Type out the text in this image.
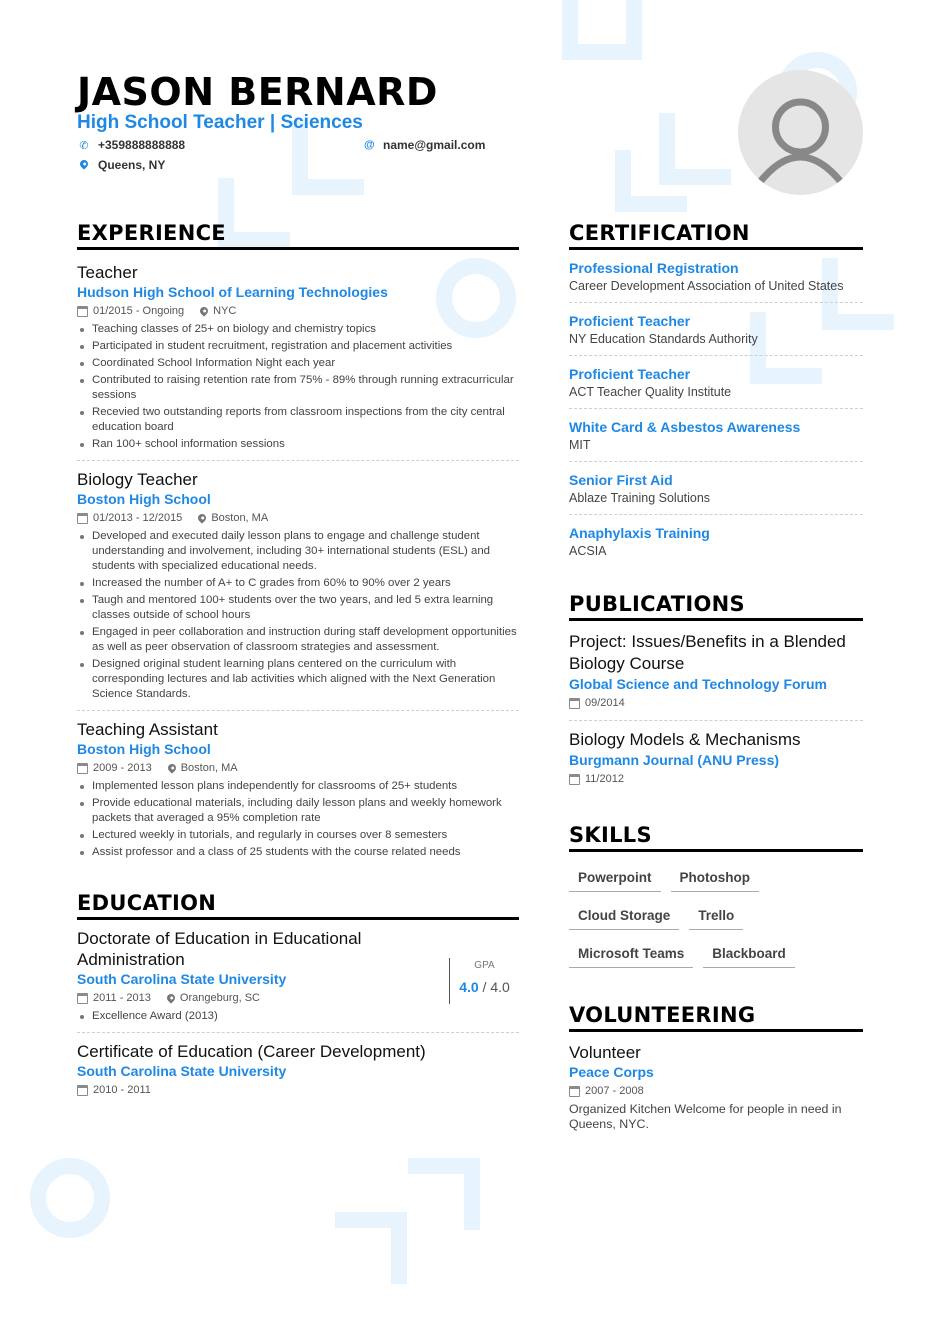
JASON BERNARD
High School Teacher | Sciences
✆ +359888888888	@ name@gmail.com
Queens, NY
EXPERIENCE
Teacher
Hudson High School of Learning Technologies
01/2015 - Ongoing	NYC
Teaching classes of 25+ on biology and chemistry topics
Participated in student recruitment, registration and placement activities
Coordinated School Information Night each year
Contributed to raising retention rate from 75% - 89% through running extracurricular sessions
Recevied two outstanding reports from classroom inspections from the city central education board
Ran 100+ school information sessions
Biology Teacher
Boston High School
01/2013 - 12/2015	Boston, MA
Developed and executed daily lesson plans to engage and challenge student understanding and involvement, including 30+ international students (ESL) and students with specialized educational needs.
Increased the number of A+ to C grades from 60% to 90% over 2 years
Taugh and mentored 100+ students over the two years, and led 5 extra learning classes outside of school hours
Engaged in peer collaboration and instruction during staff development opportunities as well as peer observation of classroom strategies and assessment.
Designed original student learning plans centered on the curriculum with corresponding lectures and lab activities which aligned with the Next Generation Science Standards.
Teaching Assistant
Boston High School
2009 - 2013	Boston, MA
Implemented lesson plans independently for classrooms of 25+ students
Provide educational materials, including daily lesson plans and weekly homework packets that averaged a 95% completion rate
Lectured weekly in tutorials, and regularly in courses over 8 semesters
Assist professor and a class of 25 students with the course related needs
EDUCATION
Doctorate of Education in Educational Administration
South Carolina State University
2011 - 2013	Orangeburg, SC
Excellence Award (2013)
GPA
4.0 / 4.0
Certificate of Education (Career Development)
South Carolina State University
2010 - 2011
CERTIFICATION
Professional Registration
Career Development Association of United States
Proficient Teacher
NY Education Standards Authority
Proficient Teacher
ACT Teacher Quality Institute
White Card & Asbestos Awareness
MIT
Senior First Aid
Ablaze Training Solutions
Anaphylaxis Training
ACSIA
PUBLICATIONS
Project: Issues/Benefits in a Blended Biology Course
Global Science and Technology Forum
09/2014
Biology Models & Mechanisms
Burgmann Journal (ANU Press)
11/2012
SKILLS
Powerpoint	Photoshop
Cloud Storage	Trello
Microsoft Teams	Blackboard
VOLUNTEERING
Volunteer
Peace Corps
2007 - 2008
Organized Kitchen Welcome for people in need in Queens, NYC.
